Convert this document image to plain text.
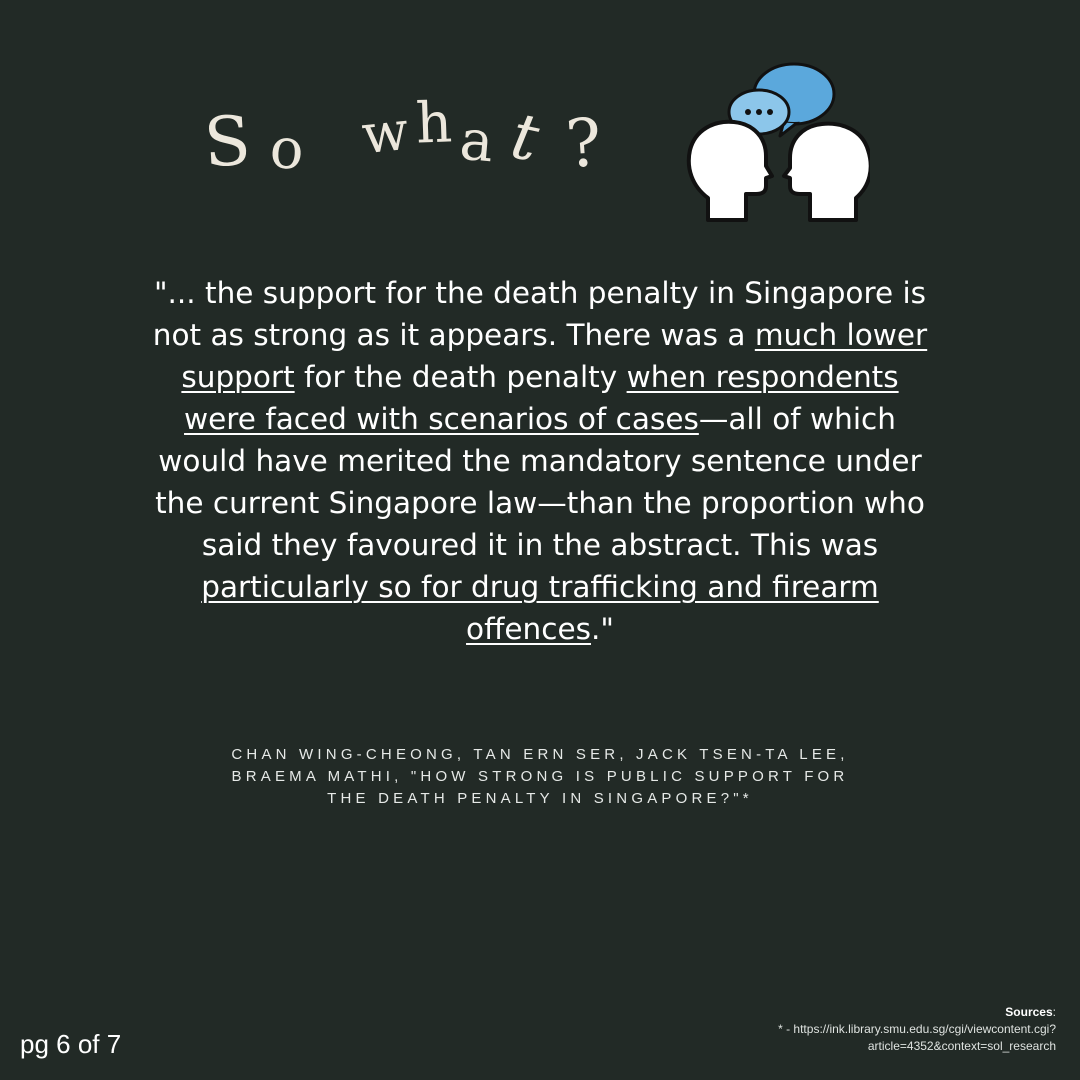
S o w h a t ?
"... the support for the death penalty in Singapore is not as strong as it appears. There was a much lower support for the death penalty when respondents were faced with scenarios of cases—all of which would have merited the mandatory sentence under the current Singapore law—than the proportion who said they favoured it in the abstract. This was particularly so for drug trafficking and firearm offences."
CHAN WING-CHEONG, TAN ERN SER, JACK TSEN-TA LEE,
BRAEMA MATHI, "HOW STRONG IS PUBLIC SUPPORT FOR
THE DEATH PENALTY IN SINGAPORE?"*
pg 6 of 7
Sources:
* - https://ink.library.smu.edu.sg/cgi/viewcontent.cgi?
article=4352&context=sol_research
